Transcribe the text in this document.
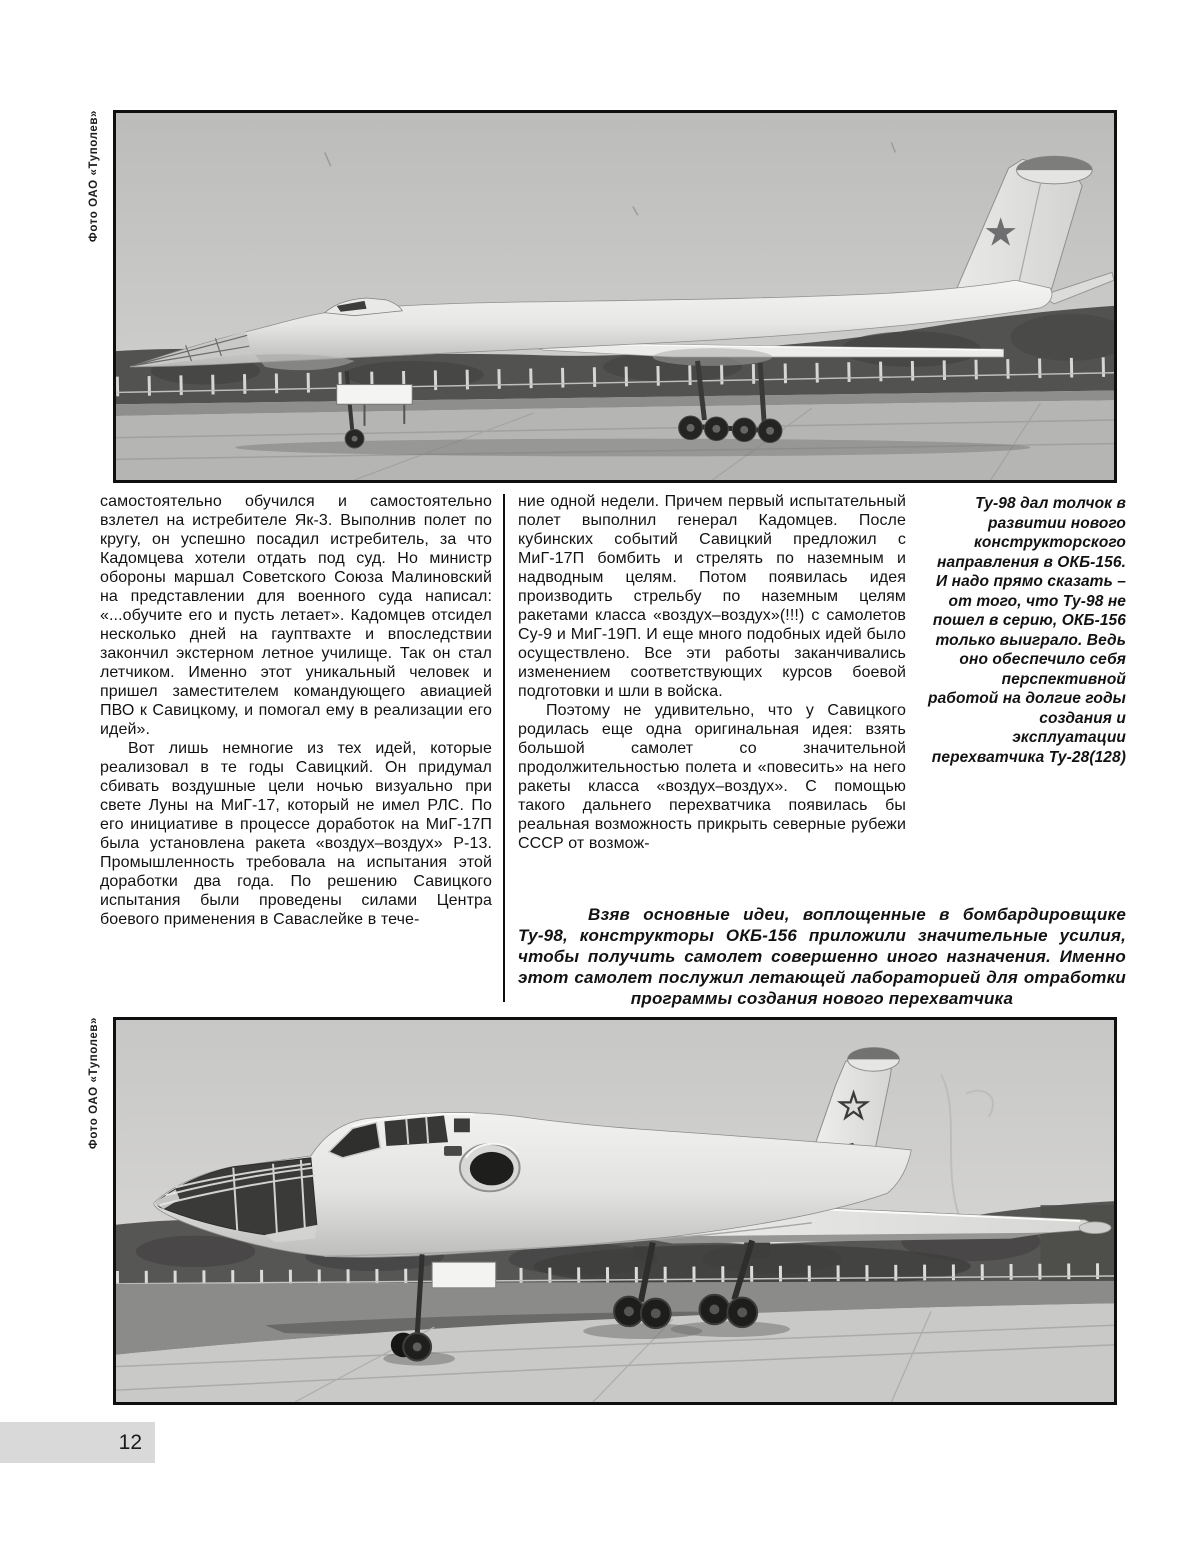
Фото ОАО «Туполев»

самостоятельно обучился и самостоятельно взлетел на истребителе Як-3. Выполнив полет по кругу, он успешно посадил истребитель, за что Кадомцева хотели отдать под суд. Но министр обороны маршал Советского Союза Малиновский на представлении для военного суда написал: «...обучите его и пусть летает». Кадомцев отсидел несколько дней на гауптвахте и впоследствии закончил экстерном летное училище. Так он стал летчиком. Именно этот уникальный человек и пришел заместителем командующего авиацией ПВО к Савицкому, и помогал ему в реализации его идей».

Вот лишь немногие из тех идей, которые реализовал в те годы Савицкий. Он придумал сбивать воздушные цели ночью визуально при свете Луны на МиГ-17, который не имел РЛС. По его инициативе в процессе доработок на МиГ-17П была установлена ракета «воздух–воздух» Р-13. Промышленность требовала на испытания этой доработки два года. По решению Савицкого испытания были проведены силами Центра боевого применения в Саваслейке в тече-

ние одной недели. Причем первый испытательный полет выполнил генерал Кадомцев. После кубинских событий Савицкий предложил с МиГ-17П бомбить и стрелять по наземным и надводным целям. Потом появилась идея производить стрельбу по наземным целям ракетами класса «воздух–воздух»(!!!) с самолетов Су-9 и МиГ-19П. И еще много подобных идей было осуществлено. Все эти работы заканчивались изменением соответствующих курсов боевой подготовки и шли в войска.

Поэтому не удивительно, что у Савицкого родилась еще одна оригинальная идея: взять большой самолет со значительной продолжительностью полета и «повесить» на него ракеты класса «воздух–воздух». С помощью такого дальнего перехватчика появилась бы реальная возможность прикрыть северные рубежи СССР от возмож-

Ту-98 дал толчок в развитии нового конструкторского направления в ОКБ-156. И надо прямо сказать – от того, что Ту-98 не пошел в серию, ОКБ-156 только выиграло. Ведь оно обеспечило себя перспективной работой на долгие годы создания и эксплуатации перехватчика Ту-28(128)
Взяв основные идеи, воплощенные в бомбардировщике Ту-98, конструкторы ОКБ-156 приложили значительные усилия, чтобы получить самолет совершенно иного назначения. Именно этот самолет послужил летающей лабораторией для отработки программы создания нового перехватчика
Фото ОАО «Туполев»
12
